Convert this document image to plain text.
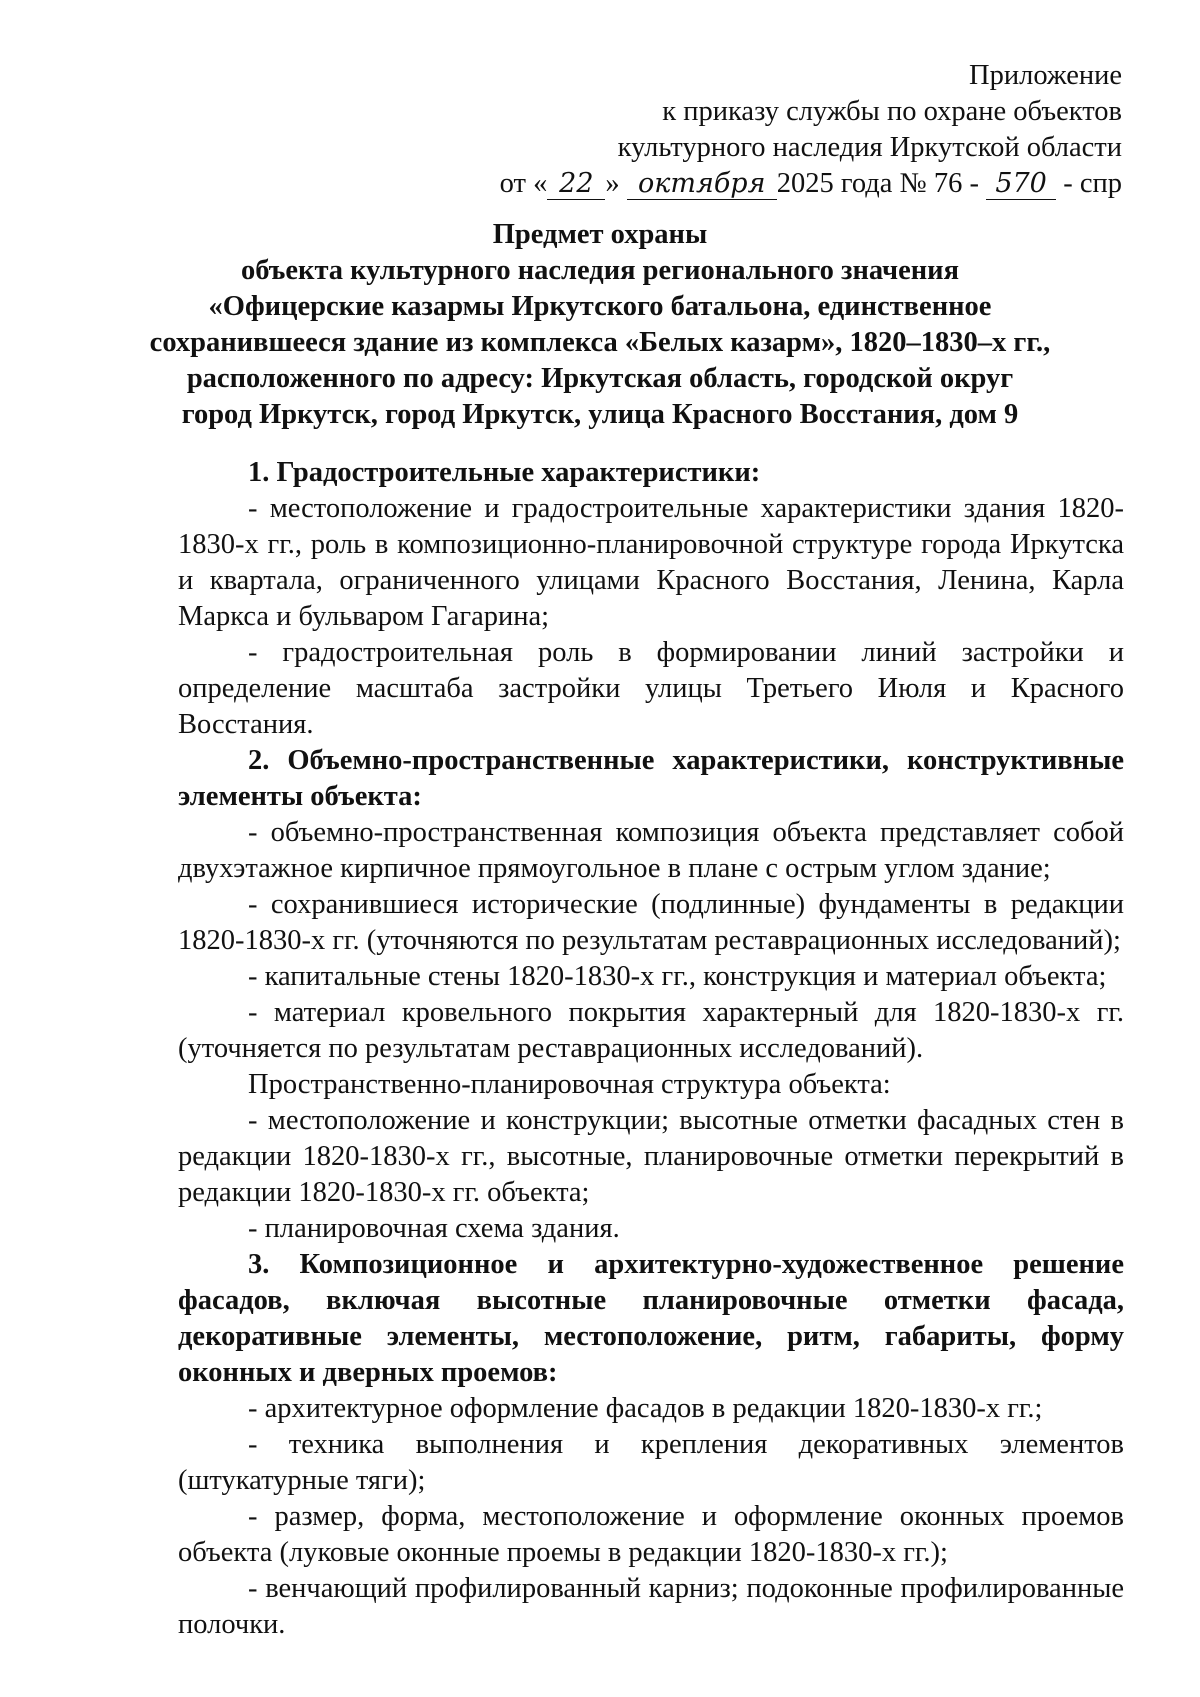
Приложение
к приказу службы по охране объектов
культурного наследия Иркутской области
от « 22 » октября 2025 года № 76 - 570 - спр
Предмет охраны
объекта культурного наследия регионального значения
«Офицерские казармы Иркутского батальона, единственное
сохранившееся здание из комплекса «Белых казарм», 1820–1830–х гг.,
расположенного по адресу: Иркутская область, городской округ
город Иркутск, город Иркутск, улица Красного Восстания, дом 9

1. Градостроительные характеристики:

- местоположение и градостроительные характеристики здания 1820-1830-х гг., роль в композиционно-планировочной структуре города Иркутска и квартала, ограниченного улицами Красного Восстания, Ленина, Карла Маркса и бульваром Гагарина;

- градостроительная роль в формировании линий застройки и определение масштаба застройки улицы Третьего Июля и Красного Восстания.

2. Объемно-пространственные характеристики, конструктивные элементы объекта:

- объемно-пространственная композиция объекта представляет собой двухэтажное кирпичное прямоугольное в плане с острым углом здание;

- сохранившиеся исторические (подлинные) фундаменты в редакции 1820-1830-х гг. (уточняются по результатам реставрационных исследований);

- капитальные стены 1820-1830-х гг., конструкция и материал объекта;

- материал кровельного покрытия характерный для 1820-1830-х гг. (уточняется по результатам реставрационных исследований).

Пространственно-планировочная структура объекта:

- местоположение и конструкции; высотные отметки фасадных стен в редакции 1820-1830-х гг., высотные, планировочные отметки перекрытий в редакции 1820-1830-х гг. объекта;

- планировочная схема здания.

3. Композиционное и архитектурно-художественное решение фасадов, включая высотные планировочные отметки фасада, декоративные элементы, местоположение, ритм, габариты, форму оконных и дверных проемов:

- архитектурное оформление фасадов в редакции 1820-1830-х гг.;

- техника выполнения и крепления декоративных элементов (штукатурные тяги);

- размер, форма, местоположение и оформление оконных проемов объекта (луковые оконные проемы в редакции 1820-1830-х гг.);

- венчающий профилированный карниз; подоконные профилированные полочки.
